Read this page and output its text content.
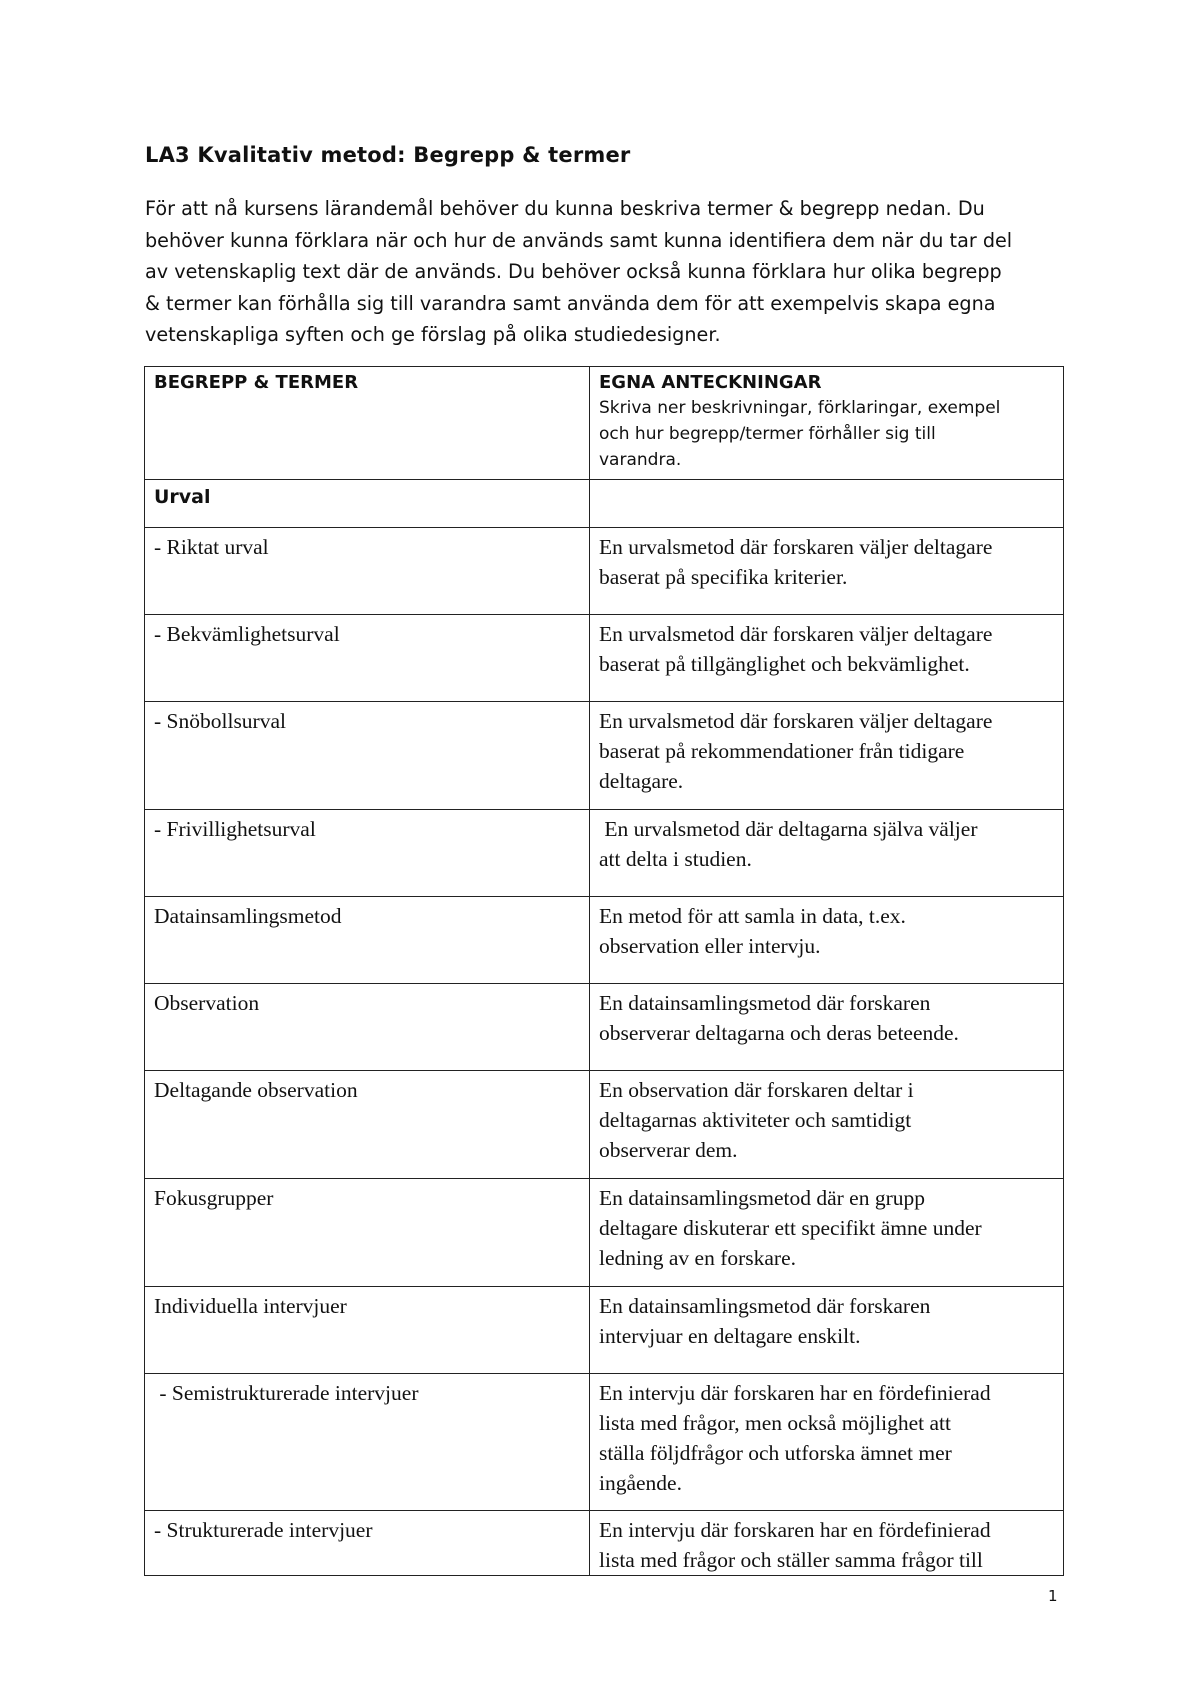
LA3 Kvalitativ metod: Begrepp & termer

För att nå kursens lärandemål behöver du kunna beskriva termer & begrepp nedan. Du
behöver kunna förklara när och hur de används samt kunna identifiera dem när du tar del
av vetenskaplig text där de används. Du behöver också kunna förklara hur olika begrepp
& termer kan förhålla sig till varandra samt använda dem för att exempelvis skapa egna
vetenskapliga syften och ge förslag på olika studiedesigner.

BEGREPP & TERMER	EGNA ANTECKNINGAR
Skriva ner beskrivningar, förklaringar, exempel
och hur begrepp/termer förhåller sig till
varandra.

Urval	
- Riktat urval	En urvalsmetod där forskaren väljer deltagare
baserat på specifika kriterier.

- Bekvämlighetsurval	En urvalsmetod där forskaren väljer deltagare
baserat på tillgänglighet och bekvämlighet.

- Snöbollsurval	En urvalsmetod där forskaren väljer deltagare
baserat på rekommendationer från tidigare
deltagare.

- Frivillighetsurval	En urvalsmetod där deltagarna själva väljer
att delta i studien.

Datainsamlingsmetod	En metod för att samla in data, t.ex.
observation eller intervju.

Observation	En datainsamlingsmetod där forskaren
observerar deltagarna och deras beteende.

Deltagande observation	En observation där forskaren deltar i
deltagarnas aktiviteter och samtidigt
observerar dem.

Fokusgrupper	En datainsamlingsmetod där en grupp
deltagare diskuterar ett specifikt ämne under
ledning av en forskare.

Individuella intervjuer	En datainsamlingsmetod där forskaren
intervjuar en deltagare enskilt.

- Semistrukturerade intervjuer	En intervju där forskaren har en fördefinierad
lista med frågor, men också möjlighet att
ställa följdfrågor och utforska ämnet mer
ingående.

- Strukturerade intervjuer	En intervju där forskaren har en fördefinierad
lista med frågor och ställer samma frågor till
1
